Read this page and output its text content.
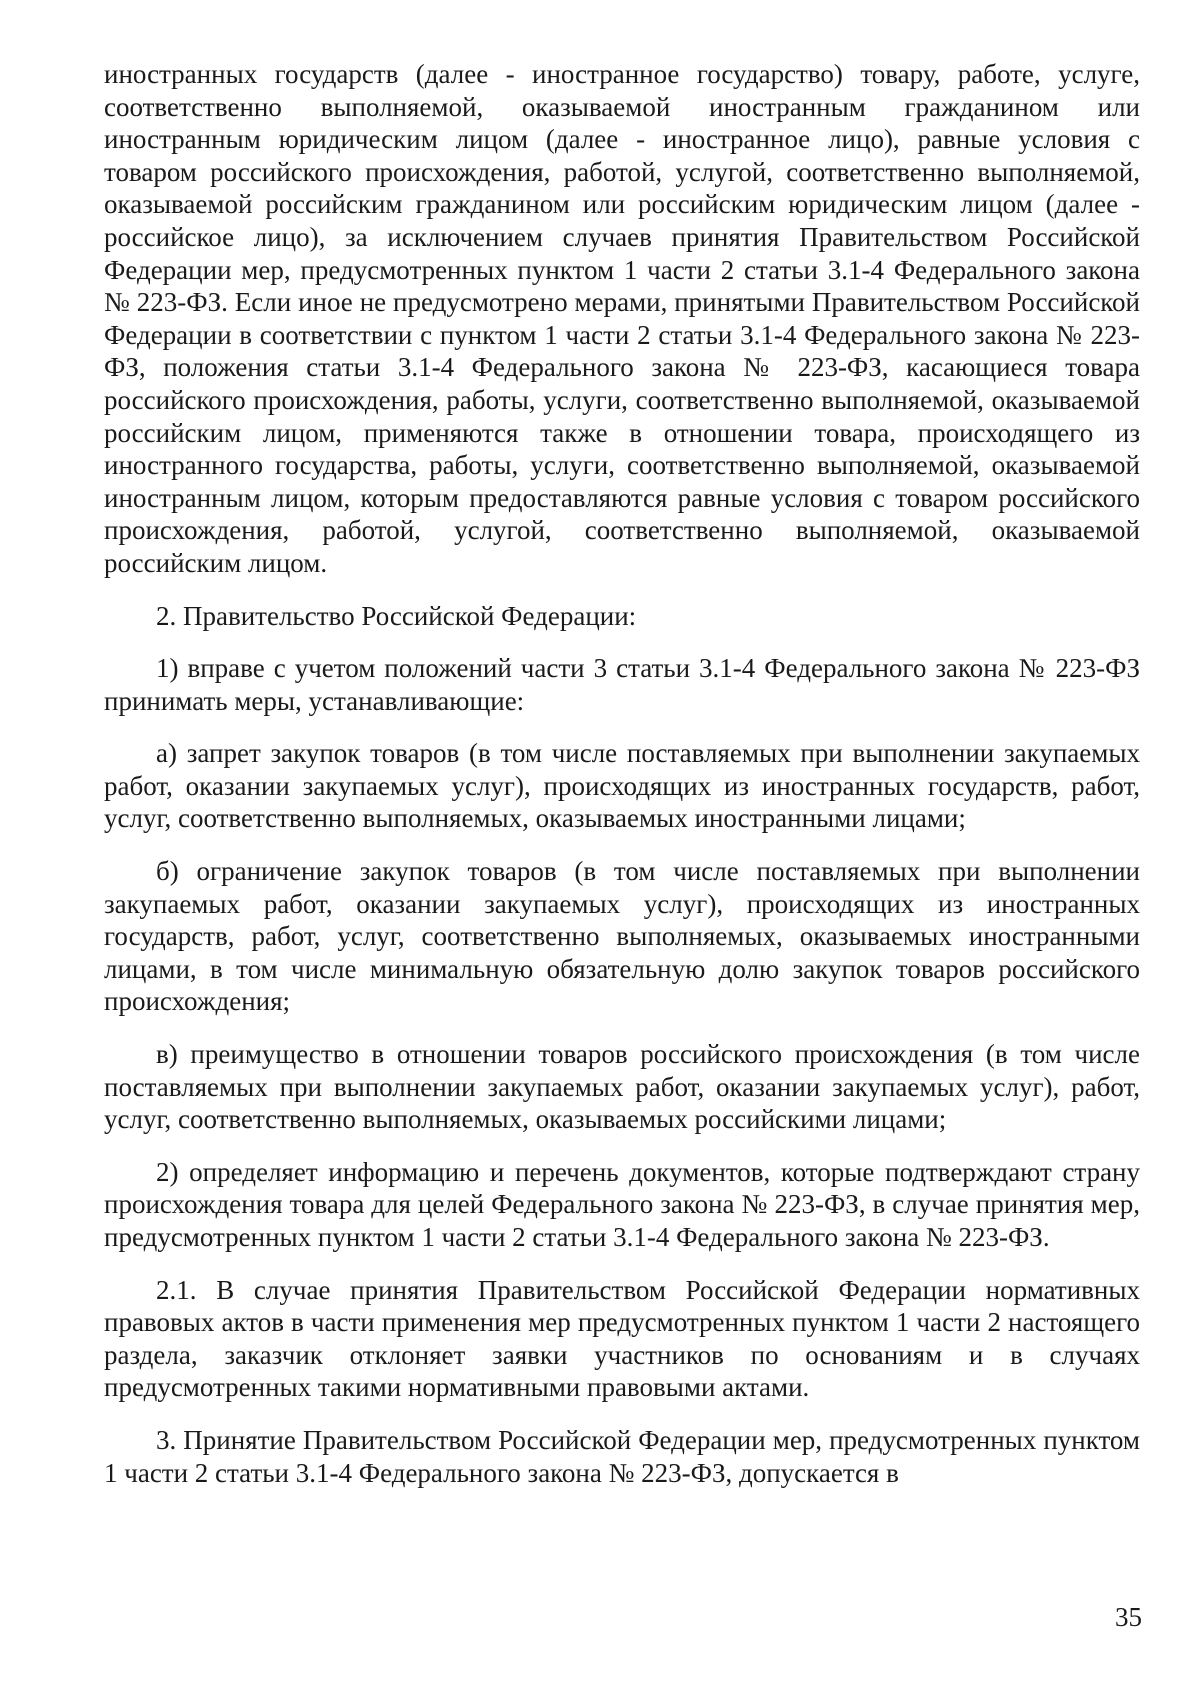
иностранных государств (далее - иностранное государство) товару, работе, услуге, соответственно выполняемой, оказываемой иностранным гражданином или иностранным юридическим лицом (далее - иностранное лицо), равные условия с товаром российского происхождения, работой, услугой, соответственно выполняемой, оказываемой российским гражданином или российским юридическим лицом (далее - российское лицо), за исключением случаев принятия Правительством Российской Федерации мер, предусмотренных пунктом 1 части 2 статьи 3.1-4 Федерального закона № 223-ФЗ. Если иное не предусмотрено мерами, принятыми Правительством Российской Федерации в соответствии с пунктом 1 части 2 статьи 3.1-4 Федерального закона № 223-ФЗ, положения статьи 3.1-4 Федерального закона № 223-ФЗ, касающиеся товара российского происхождения, работы, услуги, соответственно выполняемой, оказываемой российским лицом, применяются также в отношении товара, происходящего из иностранного государства, работы, услуги, соответственно выполняемой, оказываемой иностранным лицом, которым предоставляются равные условия с товаром российского происхождения, работой, услугой, соответственно выполняемой, оказываемой российским лицом.

2. Правительство Российской Федерации:

1) вправе с учетом положений части 3 статьи 3.1-4 Федерального закона № 223-ФЗ принимать меры, устанавливающие:

а) запрет закупок товаров (в том числе поставляемых при выполнении закупаемых работ, оказании закупаемых услуг), происходящих из иностранных государств, работ, услуг, соответственно выполняемых, оказываемых иностранными лицами;

б) ограничение закупок товаров (в том числе поставляемых при выполнении закупаемых работ, оказании закупаемых услуг), происходящих из иностранных государств, работ, услуг, соответственно выполняемых, оказываемых иностранными лицами, в том числе минимальную обязательную долю закупок товаров российского происхождения;

в) преимущество в отношении товаров российского происхождения (в том числе поставляемых при выполнении закупаемых работ, оказании закупаемых услуг), работ, услуг, соответственно выполняемых, оказываемых российскими лицами;

2) определяет информацию и перечень документов, которые подтверждают страну происхождения товара для целей Федерального закона № 223-ФЗ, в случае принятия мер, предусмотренных пунктом 1 части 2 статьи 3.1-4 Федерального закона № 223-ФЗ.

2.1. В случае принятия Правительством Российской Федерации нормативных правовых актов в части применения мер предусмотренных пунктом 1 части 2 настоящего раздела, заказчик отклоняет заявки участников по основаниям и в случаях предусмотренных такими нормативными правовыми актами.

3. Принятие Правительством Российской Федерации мер, предусмотренных пунктом 1 части 2 статьи 3.1-4 Федерального закона № 223-ФЗ, допускается в

35
